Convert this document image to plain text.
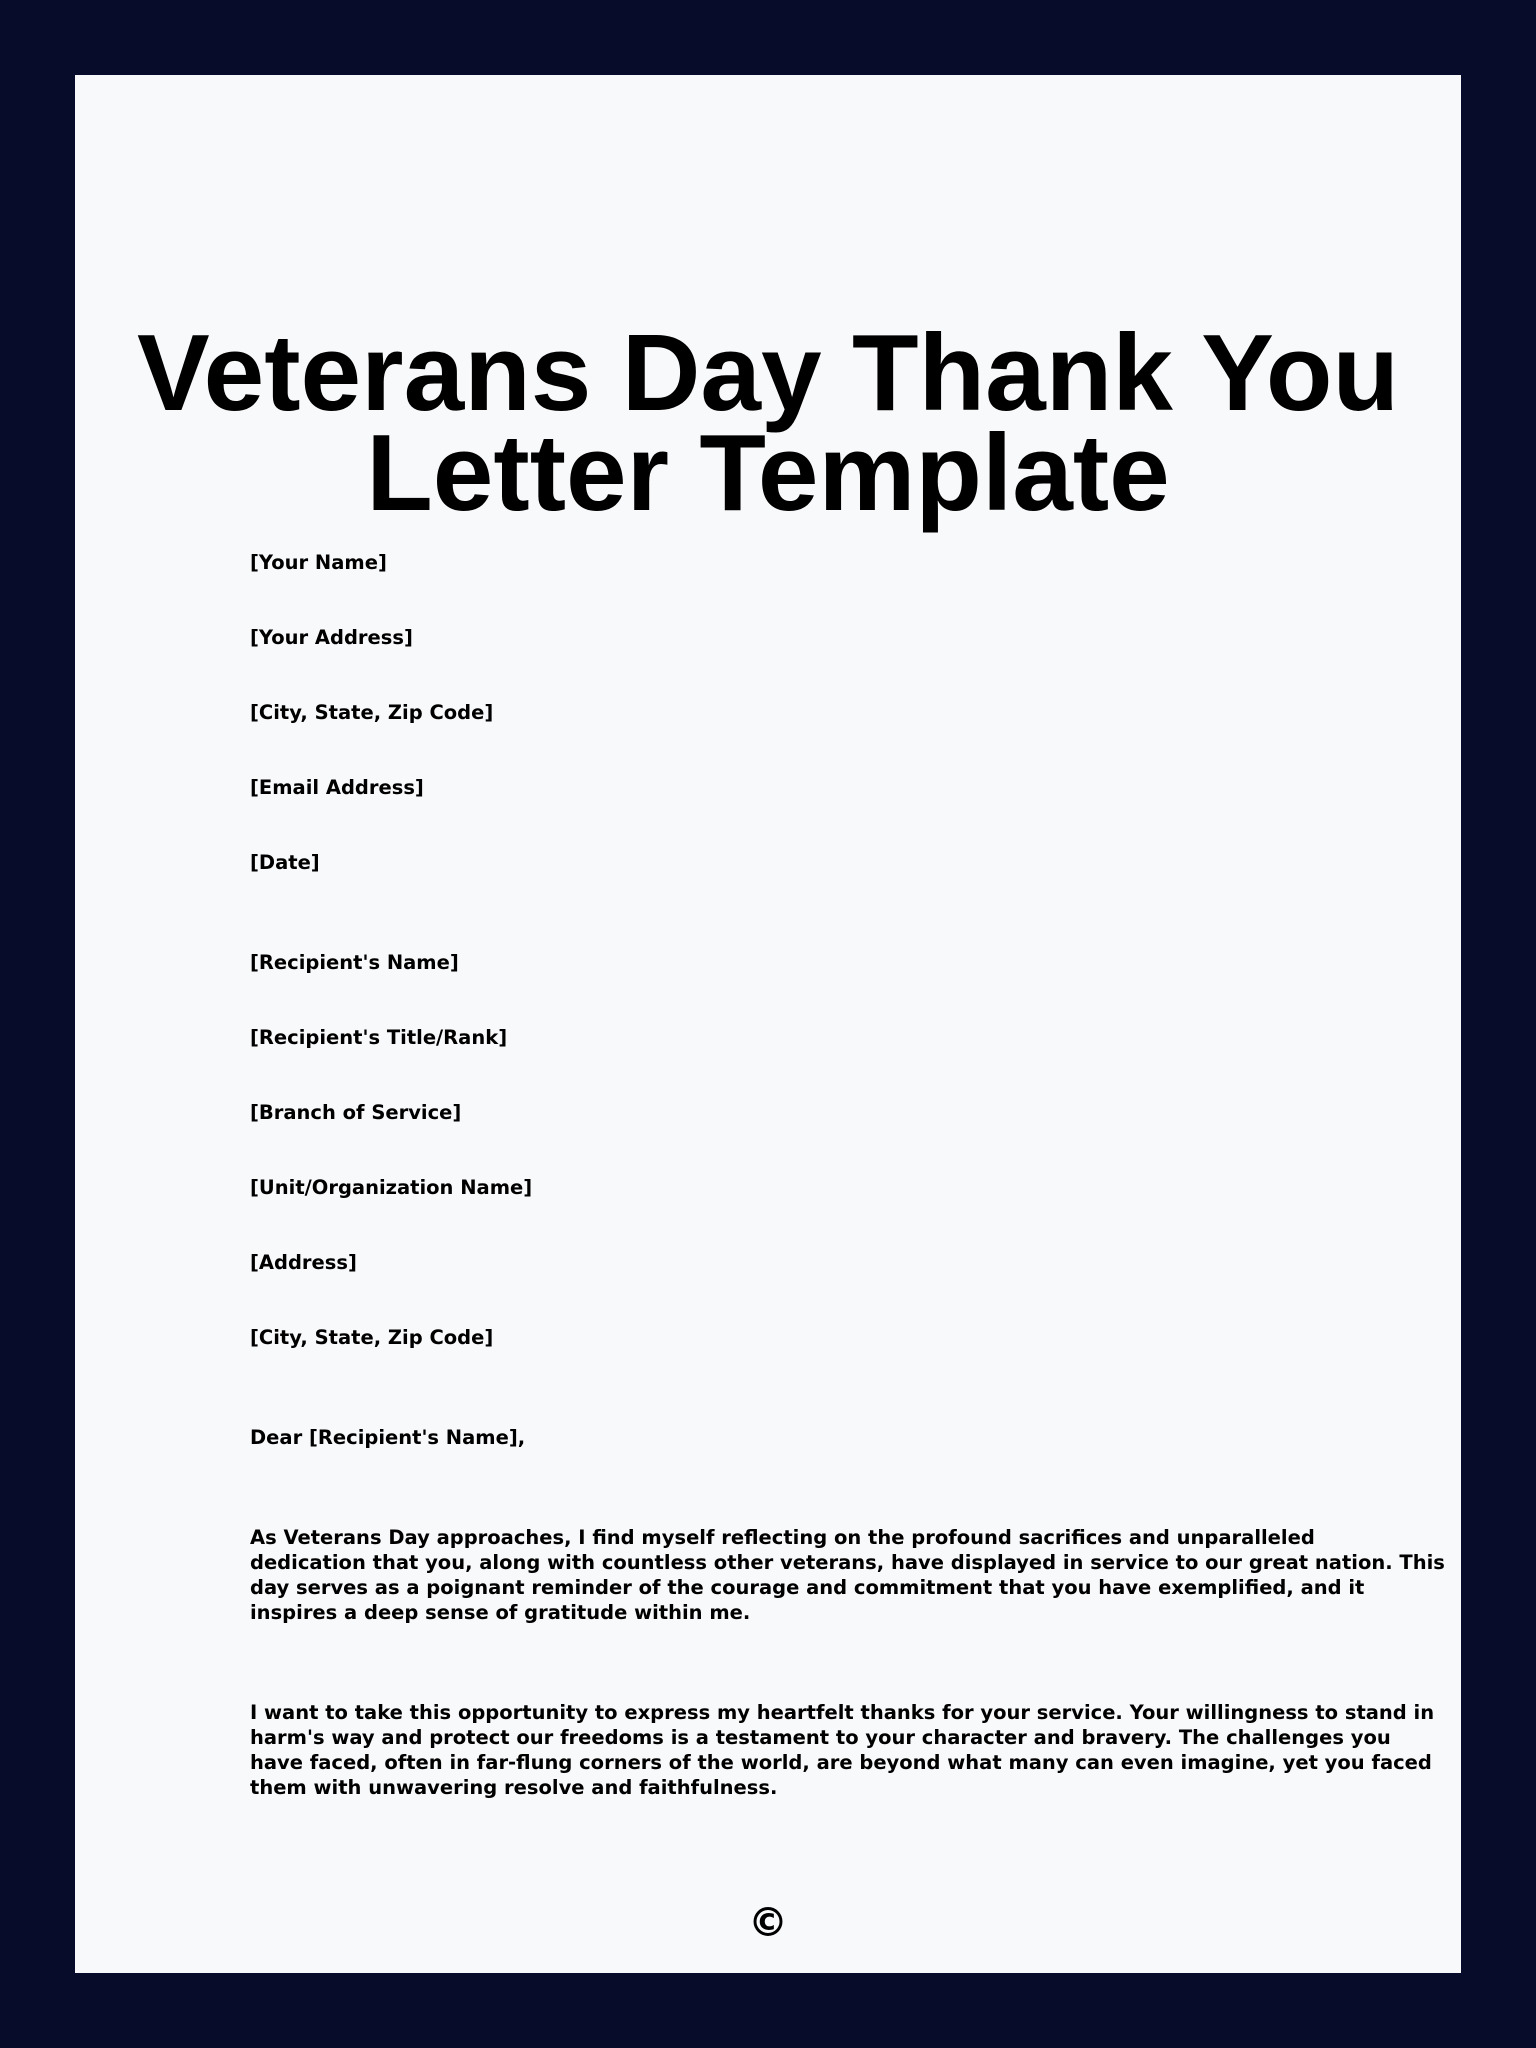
Veterans Day Thank You
Letter Template

[Your Name]

[Your Address]

[City, State, Zip Code]

[Email Address]

[Date]

[Recipient's Name]

[Recipient's Title/Rank]

[Branch of Service]

[Unit/Organization Name]

[Address]

[City, State, Zip Code]

Dear [Recipient's Name],

As Veterans Day approaches, I find myself reflecting on the profound sacrifices and unparalleled
dedication that you, along with countless other veterans, have displayed in service to our great nation. This
day serves as a poignant reminder of the courage and commitment that you have exemplified, and it
inspires a deep sense of gratitude within me.
I want to take this opportunity to express my heartfelt thanks for your service. Your willingness to stand in
harm's way and protect our freedoms is a testament to your character and bravery. The challenges you
have faced, often in far-flung corners of the world, are beyond what many can even imagine, yet you faced
them with unwavering resolve and faithfulness.
©
